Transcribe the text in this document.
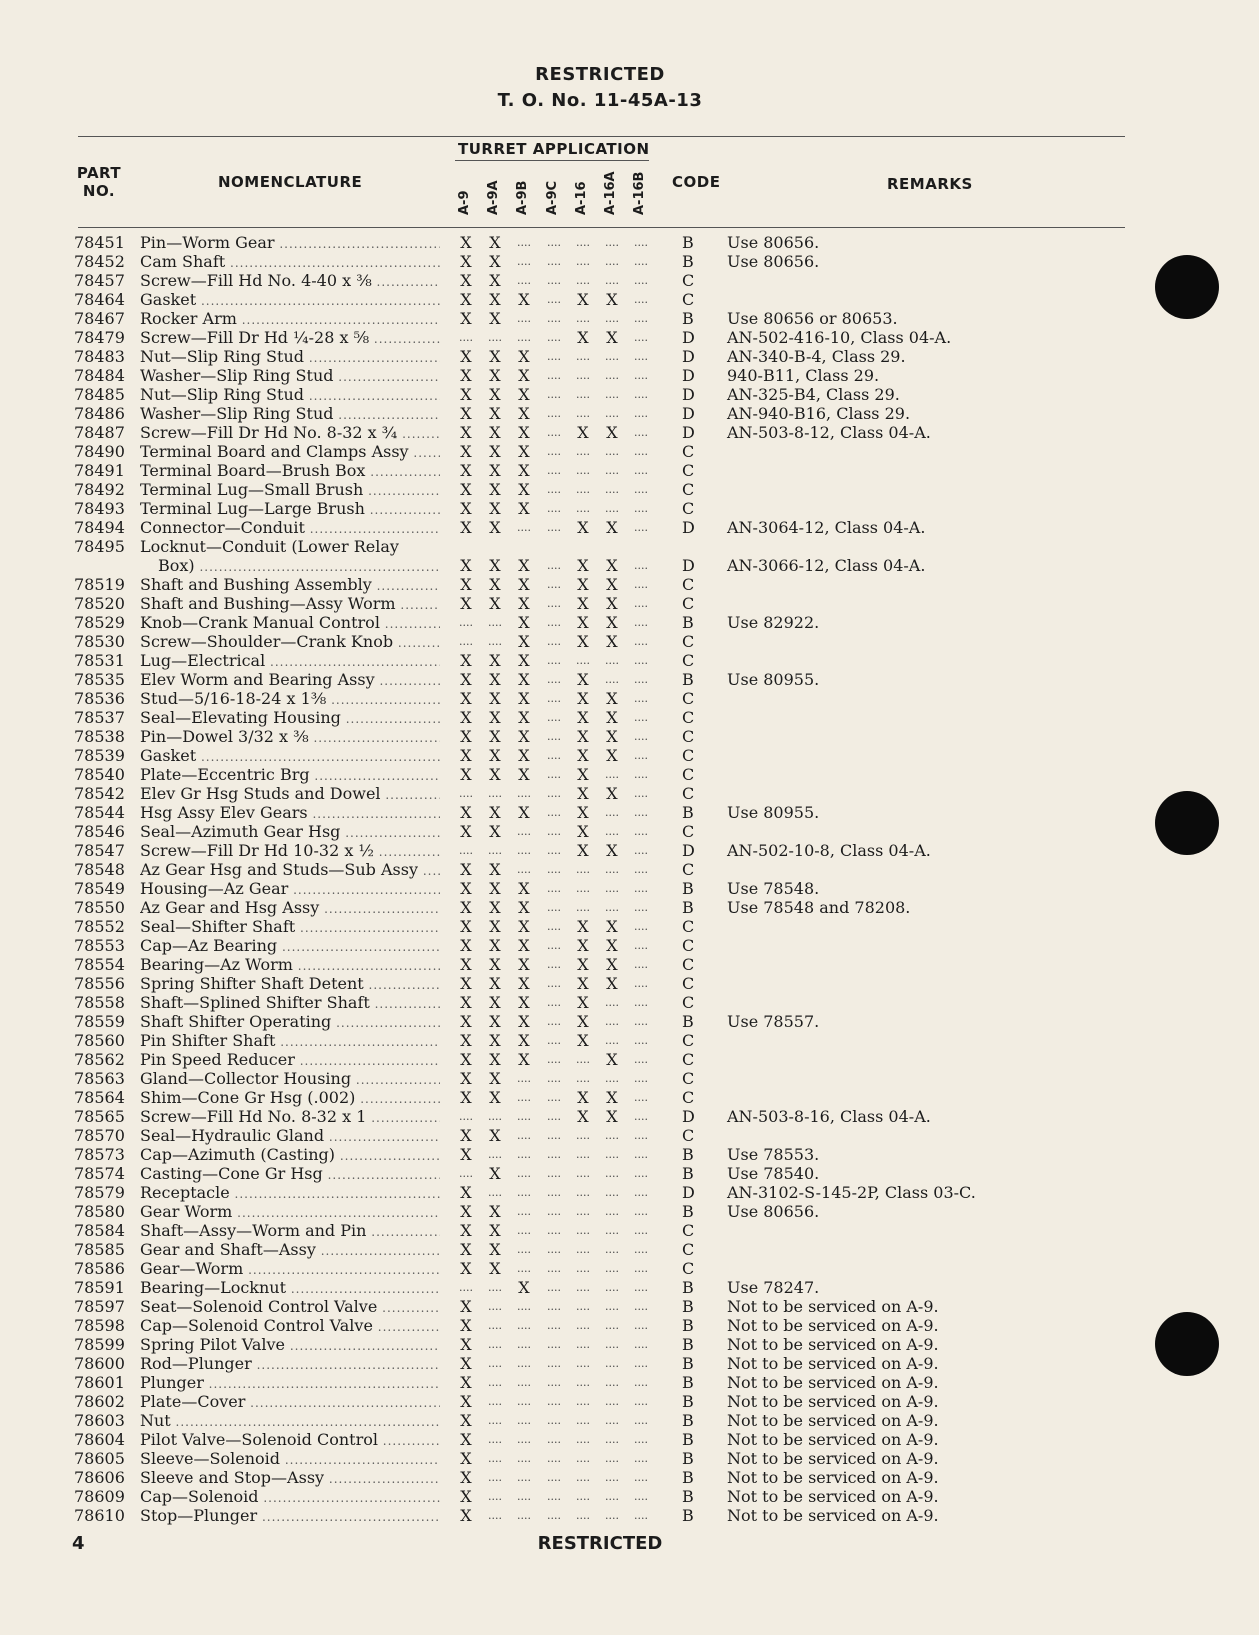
RESTRICTED
T. O. No. 11-45A-13
TURRET APPLICATION
PART NO.	NOMENCLATURE	CODE	REMARKS
A-9 A-9A A-9B A-9C A-16 A-16A A-16B
78451 Pin—Worm Gear .....	X	X	....	....	....	....	....	B Use 80656.
78452 Cam Shaft .....	X	X	....	....	....	....	....	B Use 80656.
78457 Screw—Fill Hd No. 4-40 x ⅜ .....	X	X	....	....	....	....	....	C
78464 Gasket .....	X	X	X	....	X	X	....	C
78467 Rocker Arm .....	X	X	....	....	....	....	....	B Use 80656 or 80653.
78479 Screw—Fill Dr Hd ¼-28 x ⅝ .....	....	....	....	....	X	X	....	D AN-502-416-10, Class 04-A.
78483 Nut—Slip Ring Stud .....	X	X	X	....	....	....	....	D AN-340-B-4, Class 29.
78484 Washer—Slip Ring Stud .....	X	X	X	....	....	....	....	D 940-B11, Class 29.
78485 Nut—Slip Ring Stud .....	X	X	X	....	....	....	....	D AN-325-B4, Class 29.
78486 Washer—Slip Ring Stud .....	X	X	X	....	....	....	....	D AN-940-B16, Class 29.
78487 Screw—Fill Dr Hd No. 8-32 x ¾ .....	X	X	X	....	X	X	....	D AN-503-8-12, Class 04-A.
78490 Terminal Board and Clamps Assy .....	X	X	X	....	....	....	....	C
78491 Terminal Board—Brush Box .....	X	X	X	....	....	....	....	C
78492 Terminal Lug—Small Brush .....	X	X	X	....	....	....	....	C
78493 Terminal Lug—Large Brush .....	X	X	X	....	....	....	....	C
78494 Connector—Conduit .....	X	X	....	....	X	X	....	D AN-3064-12, Class 04-A.
78495 Locknut—Conduit (Lower Relay
Box) .....	X	X	X	....	X	X	....	D AN-3066-12, Class 04-A.
78519 Shaft and Bushing Assembly .....	X	X	X	....	X	X	....	C
78520 Shaft and Bushing—Assy Worm .....	X	X	X	....	X	X	....	C
78529 Knob—Crank Manual Control .....	....	....	X	....	X	X	....	B Use 82922.
78530 Screw—Shoulder—Crank Knob .....	....	....	X	....	X	X	....	C
78531 Lug—Electrical .....	X	X	X	....	....	....	....	C
78535 Elev Worm and Bearing Assy .....	X	X	X	....	X	....	....	B Use 80955.
78536 Stud—5/16-18-24 x 1⅜ .....	X	X	X	....	X	X	....	C
78537 Seal—Elevating Housing .....	X	X	X	....	X	X	....	C
78538 Pin—Dowel 3/32 x ⅜ .....	X	X	X	....	X	X	....	C
78539 Gasket .....	X	X	X	....	X	X	....	C
78540 Plate—Eccentric Brg .....	X	X	X	....	X	....	....	C
78542 Elev Gr Hsg Studs and Dowel .....	....	....	....	....	X	X	....	C
78544 Hsg Assy Elev Gears .....	X	X	X	....	X	....	....	B Use 80955.
78546 Seal—Azimuth Gear Hsg .....	X	X	....	....	X	....	....	C
78547 Screw—Fill Dr Hd 10-32 x ½ .....	....	....	....	....	X	X	....	D AN-502-10-8, Class 04-A.
78548 Az Gear Hsg and Studs—Sub Assy .....	X	X	....	....	....	....	....	C
78549 Housing—Az Gear .....	X	X	X	....	....	....	....	B Use 78548.
78550 Az Gear and Hsg Assy .....	X	X	X	....	....	....	....	B Use 78548 and 78208.
78552 Seal—Shifter Shaft .....	X	X	X	....	X	X	....	C
78553 Cap—Az Bearing .....	X	X	X	....	X	X	....	C
78554 Bearing—Az Worm .....	X	X	X	....	X	X	....	C
78556 Spring Shifter Shaft Detent .....	X	X	X	....	X	X	....	C
78558 Shaft—Splined Shifter Shaft .....	X	X	X	....	X	....	....	C
78559 Shaft Shifter Operating .....	X	X	X	....	X	....	....	B Use 78557.
78560 Pin Shifter Shaft .....	X	X	X	....	X	....	....	C
78562 Pin Speed Reducer .....	X	X	X	....	....	X	....	C
78563 Gland—Collector Housing .....	X	X	....	....	....	....	....	C
78564 Shim—Cone Gr Hsg (.002) .....	X	X	....	....	X	X	....	C
78565 Screw—Fill Hd No. 8-32 x 1 .....	....	....	....	....	X	X	....	D AN-503-8-16, Class 04-A.
78570 Seal—Hydraulic Gland .....	X	X	....	....	....	....	....	C
78573 Cap—Azimuth (Casting) .....	X	....	....	....	....	....	....	B Use 78553.
78574 Casting—Cone Gr Hsg .....	....	X	....	....	....	....	....	B Use 78540.
78579 Receptacle .....	X	....	....	....	....	....	....	D AN-3102-S-145-2P, Class 03-C.
78580 Gear Worm .....	X	X	....	....	....	....	....	B Use 80656.
78584 Shaft—Assy—Worm and Pin .....	X	X	....	....	....	....	....	C
78585 Gear and Shaft—Assy .....	X	X	....	....	....	....	....	C
78586 Gear—Worm .....	X	X	....	....	....	....	....	C
78591 Bearing—Locknut .....	....	....	X	....	....	....	....	B Use 78247.
78597 Seat—Solenoid Control Valve .....	X	....	....	....	....	....	....	B Not to be serviced on A-9.
78598 Cap—Solenoid Control Valve .....	X	....	....	....	....	....	....	B Not to be serviced on A-9.
78599 Spring Pilot Valve .....	X	....	....	....	....	....	....	B Not to be serviced on A-9.
78600 Rod—Plunger .....	X	....	....	....	....	....	....	B Not to be serviced on A-9.
78601 Plunger .....	X	....	....	....	....	....	....	B Not to be serviced on A-9.
78602 Plate—Cover .....	X	....	....	....	....	....	....	B Not to be serviced on A-9.
78603 Nut .....	X	....	....	....	....	....	....	B Not to be serviced on A-9.
78604 Pilot Valve—Solenoid Control .....	X	....	....	....	....	....	....	B Not to be serviced on A-9.
78605 Sleeve—Solenoid .....	X	....	....	....	....	....	....	B Not to be serviced on A-9.
78606 Sleeve and Stop—Assy .....	X	....	....	....	....	....	....	B Not to be serviced on A-9.
78609 Cap—Solenoid .....	X	....	....	....	....	....	....	B Not to be serviced on A-9.
78610 Stop—Plunger .....	X	....	....	....	....	....	....	B Not to be serviced on A-9.
4	RESTRICTED
